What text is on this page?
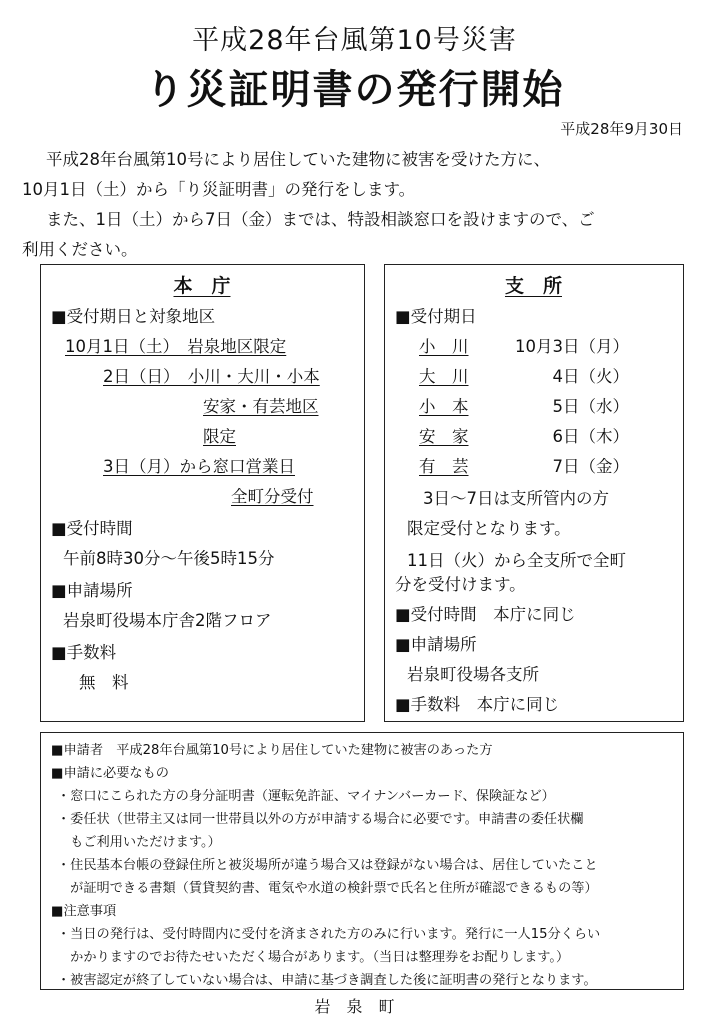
平成28年台風第10号災害
り災証明書の発行開始
平成28年9月30日
平成28年台風第10号により居住していた建物に被害を受けた方に、
10月1日（土）から「り災証明書」の発行をします。
また、1日（土）から7日（金）までは、特設相談窓口を設けますので、ご
利用ください。
本　庁
■受付期日と対象地区
10月1日（土）　岩泉地区限定
2日（日）　小川・大川・小本
安家・有芸地区
限定
3日（月）から窓口営業日
全町分受付
■受付時間
午前8時30分～午後5時15分
■申請場所
岩泉町役場本庁舎2階フロア
■手数料
無　料
支　所
■受付期日
小　川	10月3日（月）
大　川	4日（火）
小　本	5日（水）
安　家	6日（木）
有　芸	7日（金）
3日～7日は支所管内の方
限定受付となります。
11日（火）から全支所で全町
分を受付けます。
■受付時間　本庁に同じ
■申請場所
岩泉町役場各支所
■手数料　本庁に同じ
■申請者　平成28年台風第10号により居住していた建物に被害のあった方
■申請に必要なもの
・窓口にこられた方の身分証明書（運転免許証、マイナンバーカード、保険証など）
・委任状（世帯主又は同一世帯員以外の方が申請する場合に必要です。申請書の委任状欄
　もご利用いただけます。）
・住民基本台帳の登録住所と被災場所が違う場合又は登録がない場合は、居住していたこと
　が証明できる書類（賃貸契約書、電気や水道の検針票で氏名と住所が確認できるもの等）
■注意事項
・当日の発行は、受付時間内に受付を済まされた方のみに行います。発行に一人15分くらい
　かかりますのでお待たせいただく場合があります。（当日は整理券をお配りします。）
・被害認定が終了していない場合は、申請に基づき調査した後に証明書の発行となります。
岩　泉　町
